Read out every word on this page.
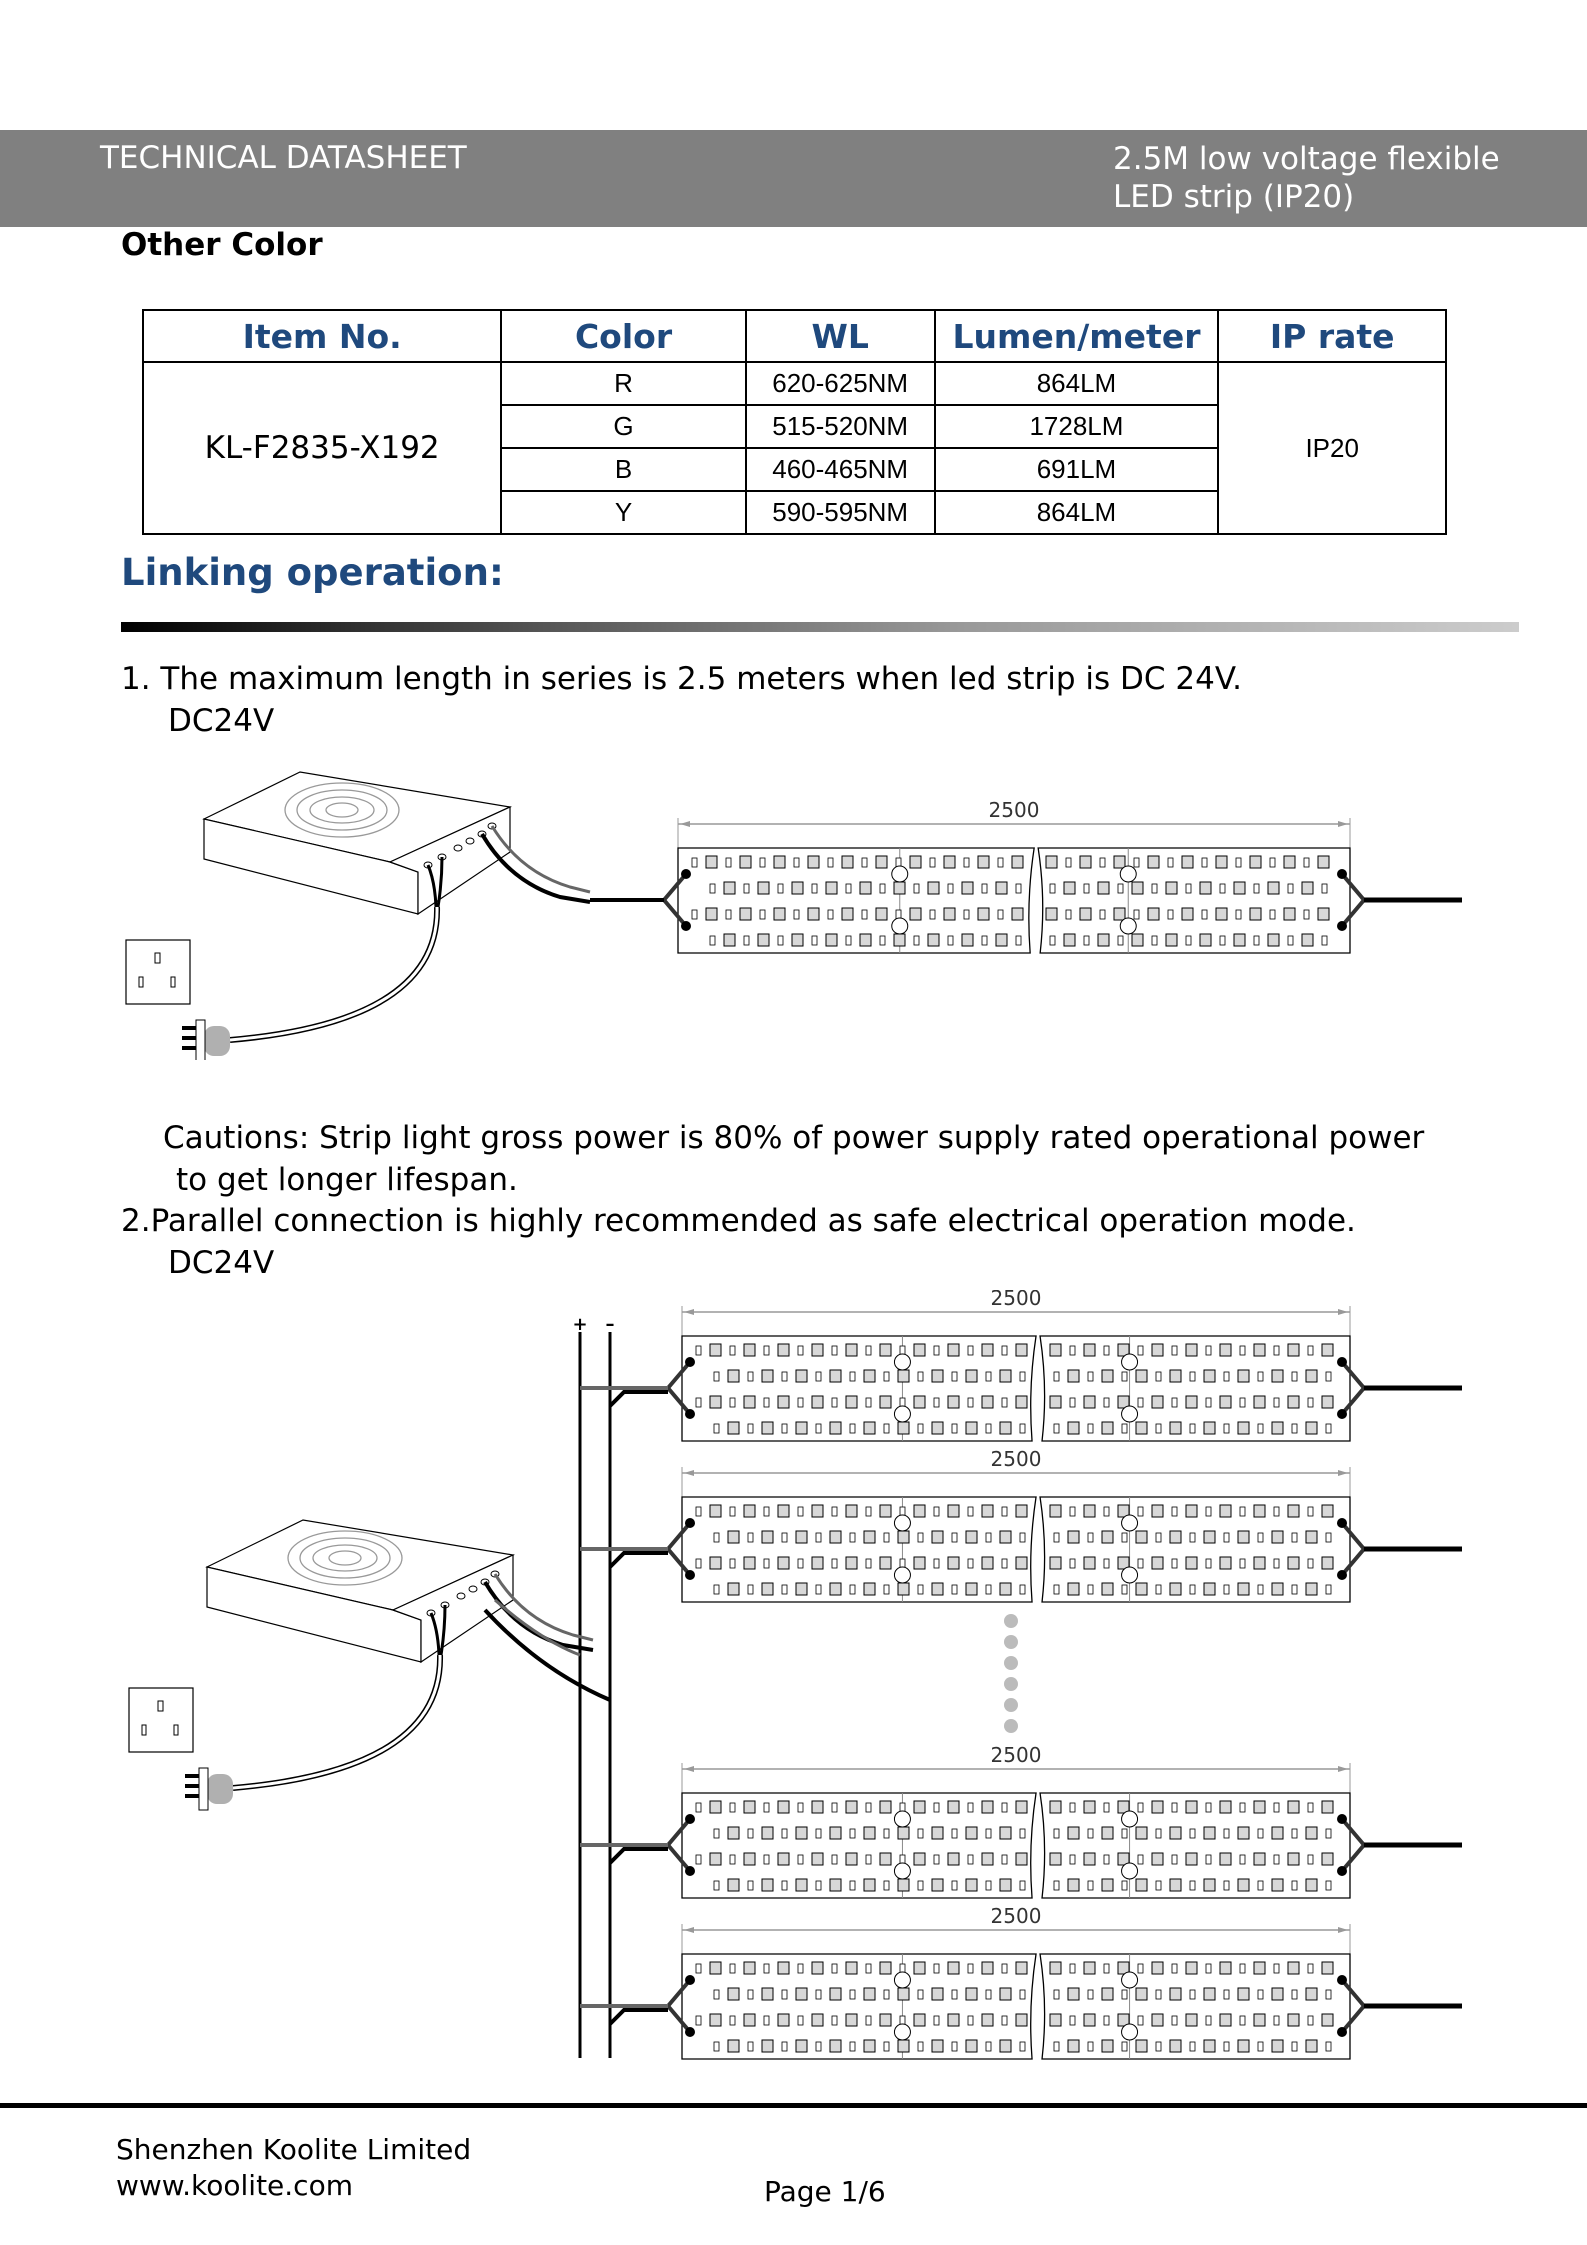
TECHNICAL DATASHEET	2.5M low voltage flexible
LED strip (IP20)
Other Color
Item No.	Color	WL	Lumen/meter	IP rate
KL-F2835-X192	R	620-625NM	864LM	IP20
	G	515-520NM	1728LM	
	B	460-465NM	691LM	
	Y	590-595NM	864LM	
Linking operation:
1. The maximum length in series is 2.5 meters when led strip is DC 24V.
DC24V
2500
Cautions: Strip light gross power is 80% of power supply rated operational power
to get longer lifespan.
2.Parallel connection is highly recommended as safe electrical operation mode.
DC24V
+ –
2500
2500
2500
2500
Shenzhen Koolite Limited
www.koolite.com	Page 1/6
